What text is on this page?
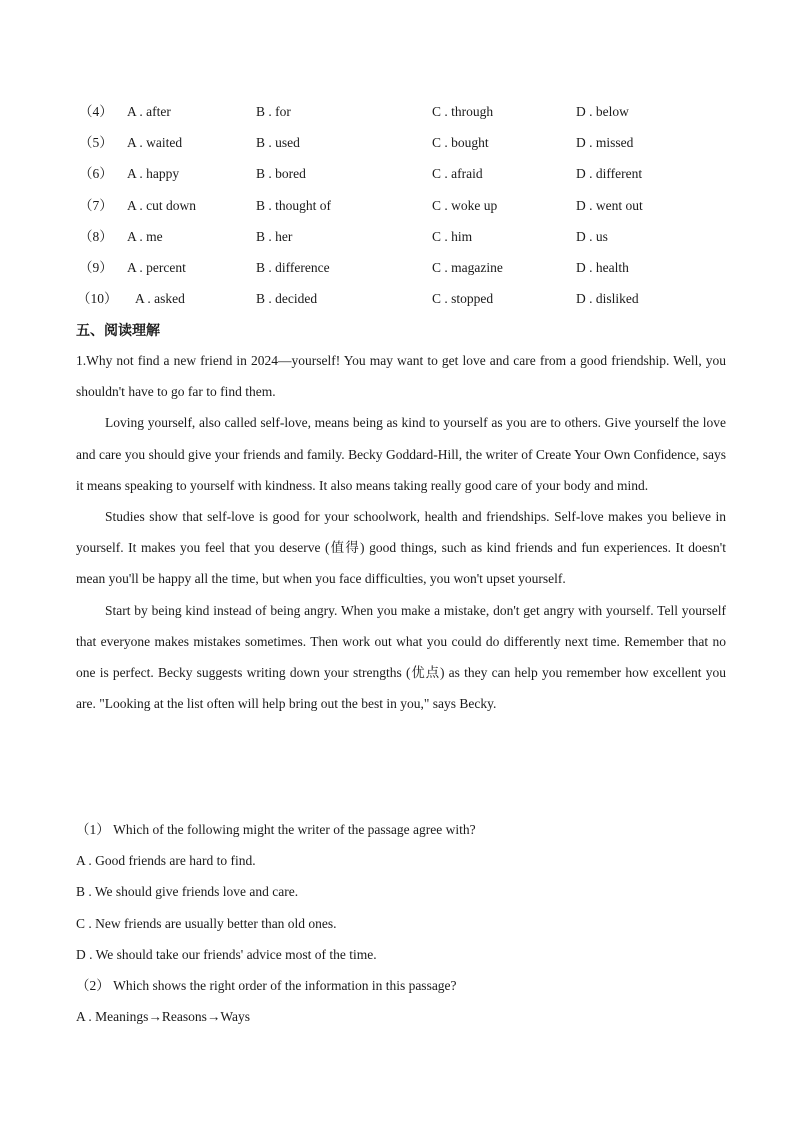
（4） A . after	B . for	C . through	D . below
（5） A . waited	B . used	C . bought	D . missed
（6） A . happy	B . bored	C . afraid	D . different
（7） A . cut down	B . thought of	C . woke up	D . went out
（8） A . me	B . her	C . him	D . us
（9） A . percent	B . difference	C . magazine	D . health
（10） A . asked	B . decided	C . stopped	D . disliked
五、阅读理解

1.Why not find a new friend in 2024—yourself! You may want to get love and care from a good friendship. Well, you shouldn't have to go far to find them.

Loving yourself, also called self-love, means being as kind to yourself as you are to others. Give yourself the love and care you should give your friends and family. Becky Goddard-Hill, the writer of Create Your Own Confidence, says it means speaking to yourself with kindness. It also means taking really good care of your body and mind.

Studies show that self-love is good for your schoolwork, health and friendships. Self-love makes you believe in yourself. It makes you feel that you deserve (值得) good things, such as kind friends and fun experiences. It doesn't mean you'll be happy all the time, but when you face difficulties, you won't upset yourself.

Start by being kind instead of being angry. When you make a mistake, don't get angry with yourself. Tell yourself that everyone makes mistakes sometimes. Then work out what you could do differently next time. Remember that no one is perfect. Becky suggests writing down your strengths (优点) as they can help you remember how excellent you are. "Looking at the list often will help bring out the best in you," says Becky.

（1） Which of the following might the writer of the passage agree with?
A . Good friends are hard to find.
B . We should give friends love and care.
C . New friends are usually better than old ones.
D . We should take our friends' advice most of the time.
（2） Which shows the right order of the information in this passage?
A . Meanings→Reasons→Ways
